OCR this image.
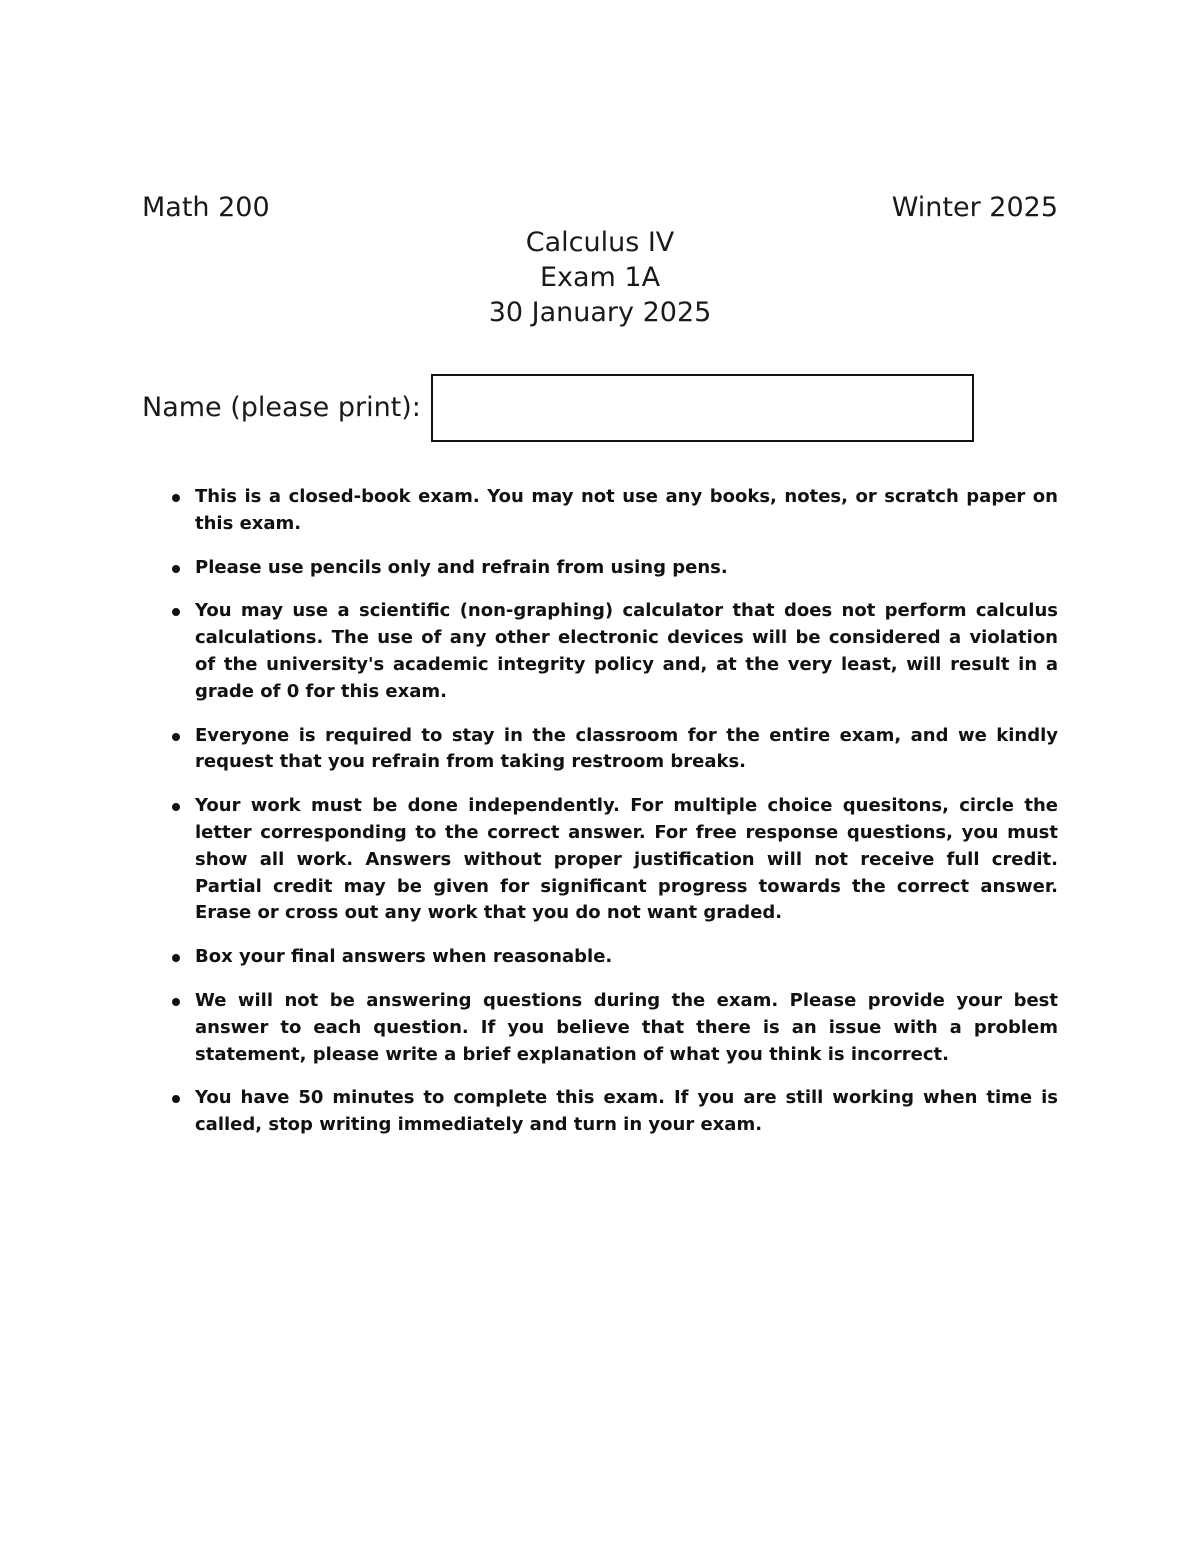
Math 200	Winter 2025
Calculus IV
Exam 1A
30 January 2025
Name (please print):
This is a closed-book exam. You may not use any books, notes, or scratch paper on this exam.
Please use pencils only and refrain from using pens.
You may use a scientific (non-graphing) calculator that does not perform calculus calculations. The use of any other electronic devices will be considered a violation of the university's academic integrity policy and, at the very least, will result in a grade of 0 for this exam.
Everyone is required to stay in the classroom for the entire exam, and we kindly request that you refrain from taking restroom breaks.
Your work must be done independently. For multiple choice quesitons, circle the letter corresponding to the correct answer. For free response questions, you must show all work. Answers without proper justification will not receive full credit. Partial credit may be given for significant progress towards the correct answer. Erase or cross out any work that you do not want graded.
Box your final answers when reasonable.
We will not be answering questions during the exam. Please provide your best answer to each question. If you believe that there is an issue with a problem statement, please write a brief explanation of what you think is incorrect.
You have 50 minutes to complete this exam. If you are still working when time is called, stop writing immediately and turn in your exam.
